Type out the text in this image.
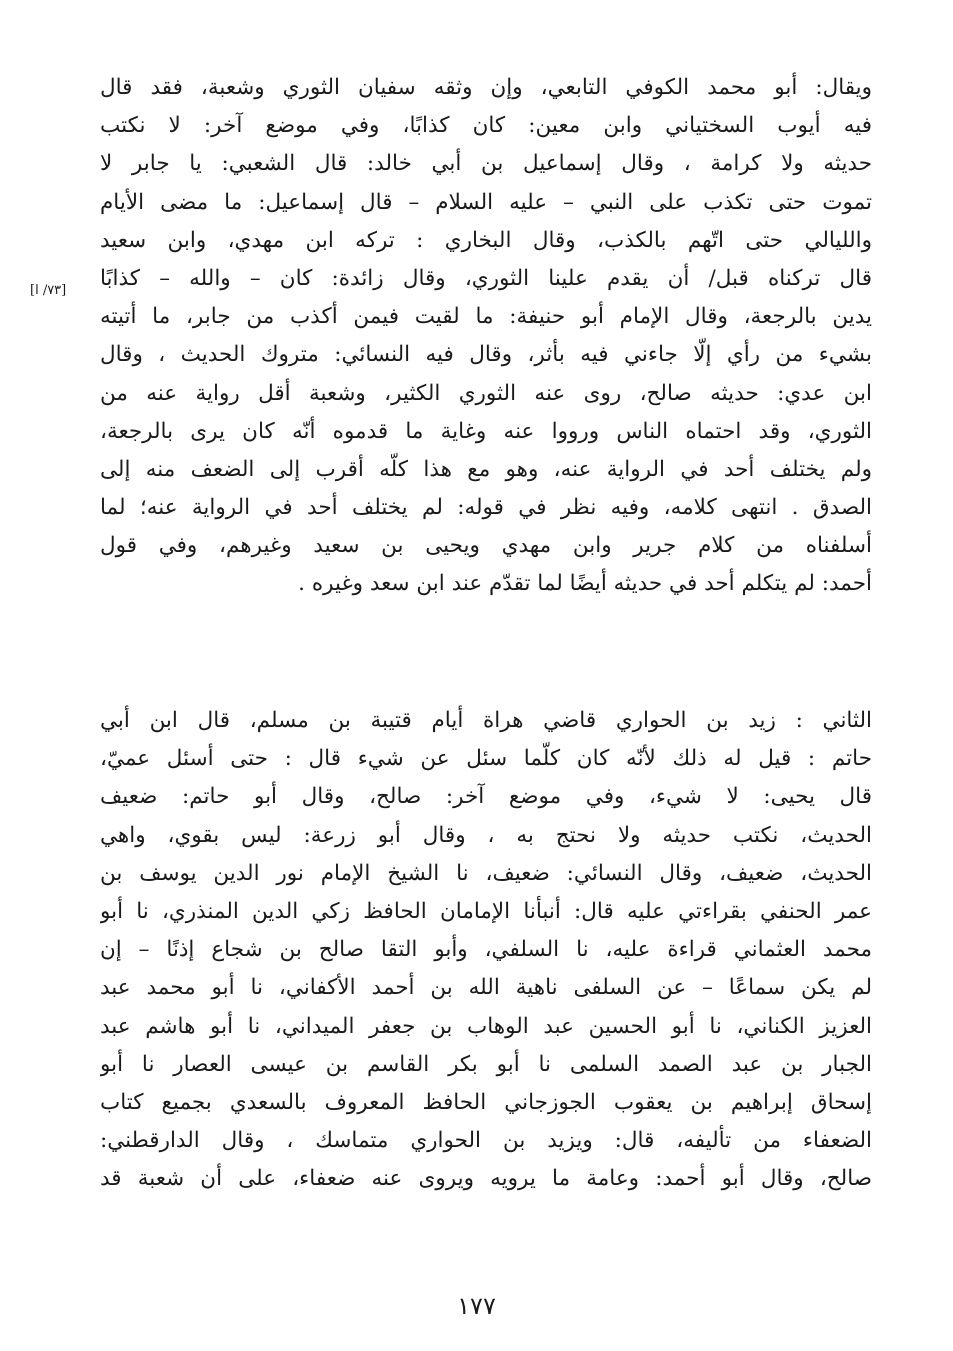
[٧٣/ ا]
ويقال: أبو محمد الكوفي التابعي، وإن وثقه سفيان الثوري وشعبة، فقد قال
فيه أيوب السختياني وابن معين: كان كذابًا، وفي موضع آخر: لا نكتب
حديثه ولا كرامة ، وقال إسماعيل بن أبي خالد: قال الشعبي: يا جابر لا
تموت حتى تكذب على النبي – عليه السلام – قال إسماعيل: ما مضى الأيام
والليالي حتى اتّهم بالكذب، وقال البخاري : تركه ابن مهدي، وابن سعيد
قال تركناه قبل/ أن يقدم علينا الثوري، وقال زائدة: كان – والله – كذابًا
يدين بالرجعة، وقال الإمام أبو حنيفة: ما لقيت فيمن أكذب من جابر، ما أتيته
بشيء من رأي إلّا جاءني فيه بأثر، وقال فيه النسائي: متروك الحديث ، وقال
ابن عدي: حديثه صالح، روى عنه الثوري الكثير، وشعبة أقل رواية عنه من
الثوري، وقد احتماه الناس ورووا عنه وغاية ما قدموه أنّه كان يرى بالرجعة،
ولم يختلف أحد في الرواية عنه، وهو مع هذا كلّه أقرب إلى الضعف منه إلى
الصدق . انتهى كلامه، وفيه نظر في قوله: لم يختلف أحد في الرواية عنه؛ لما
أسلفناه من كلام جرير وابن مهدي ويحيى بن سعيد وغيرهم، وفي قول
أحمد: لم يتكلم أحد في حديثه أيضًا لما تقدّم عند ابن سعد وغيره .
الثاني : زيد بن الحواري قاضي هراة أيام قتيبة بن مسلم، قال ابن أبي
حاتم : قيل له ذلك لأنّه كان كلّما سئل عن شيء قال : حتى أسئل عميّ،
قال يحيى: لا شيء، وفي موضع آخر: صالح، وقال أبو حاتم: ضعيف
الحديث، نكتب حديثه ولا نحتج به ، وقال أبو زرعة: ليس بقوي، واهي
الحديث، ضعيف، وقال النسائي: ضعيف، نا الشيخ الإمام نور الدين يوسف بن
عمر الحنفي بقراءتي عليه قال: أنبأنا الإمامان الحافظ زكي الدين المنذري، نا أبو
محمد العثماني قراءة عليه، نا السلفي، وأبو التقا صالح بن شجاع إذنًا – إن
لم يكن سماعًا – عن السلفى ناهية الله بن أحمد الأكفاني، نا أبو محمد عبد
العزيز الكناني، نا أبو الحسين عبد الوهاب بن جعفر الميداني، نا أبو هاشم عبد
الجبار بن عبد الصمد السلمى نا أبو بكر القاسم بن عيسى العصار نا أبو
إسحاق إبراهيم بن يعقوب الجوزجاني الحافظ المعروف بالسعدي بجميع كتاب
الضعفاء من تأليفه، قال: ويزيد بن الحواري متماسك ، وقال الدارقطني:
صالح، وقال أبو أحمد: وعامة ما يرويه ويروى عنه ضعفاء، على أن شعبة قد
١٧٧
